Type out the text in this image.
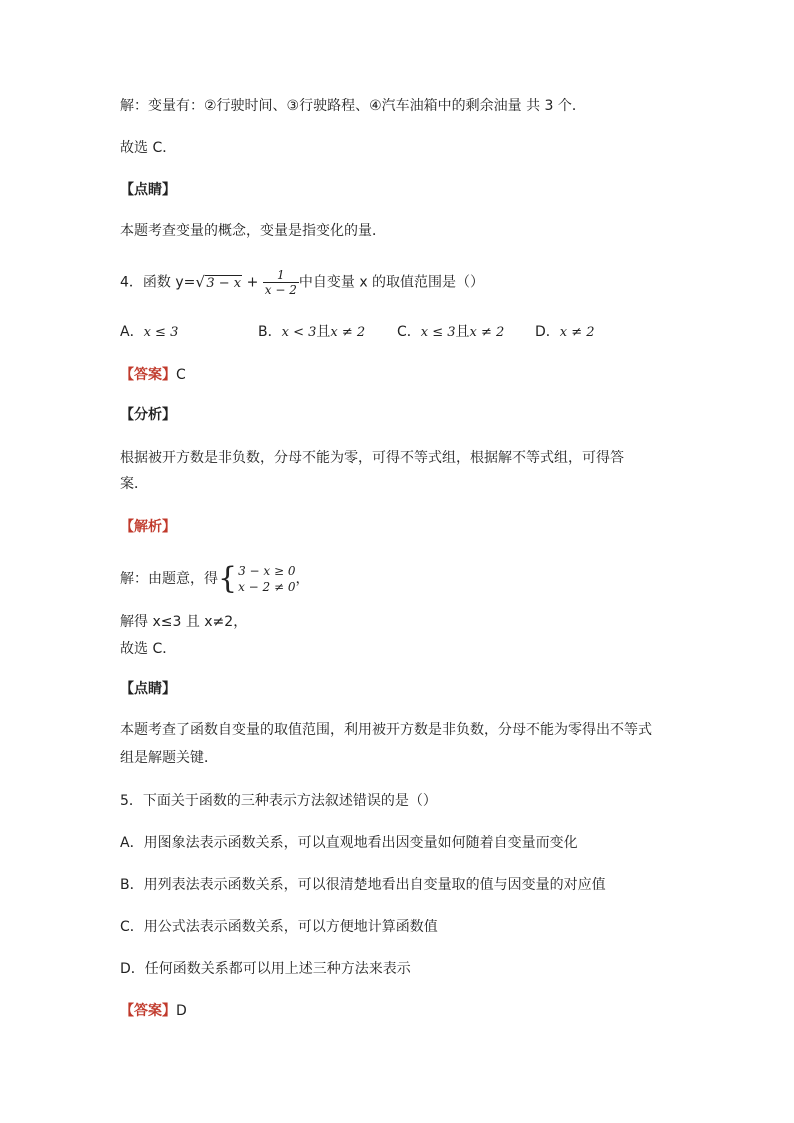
解：变量有：②行驶时间、③行驶路程、④汽车油箱中的剩余油量 共 3 个．
故选 C．
【点睛】
本题考查变量的概念，变量是指变化的量．
4．函数 y= √ $3 - x + \frac{1}{x - 2}$ 中自变量 x 的取值范围是（）
A．x ≤ 3	B．x < 3且x ≠ 2 C．x ≤ 3且x ≠ 2 D．x ≠ 2
【答案】C
【分析】
根据被开方数是非负数，分母不能为零，可得不等式组，根据解不等式组，可得答
案．
【解析】
解：由题意，得{ 3 − x ≥ 0
x − 2 ≠ 0 ，
解得 x≤3 且 x≠2，
故选 C．
【点睛】
本题考查了函数自变量的取值范围，利用被开方数是非负数，分母不能为零得出不等式
组是解题关键．
5．下面关于函数的三种表示方法叙述错误的是（）
A．用图象法表示函数关系，可以直观地看出因变量如何随着自变量而变化
B．用列表法表示函数关系，可以很清楚地看出自变量取的值与因变量的对应值
C．用公式法表示函数关系，可以方便地计算函数值
D．任何函数关系都可以用上述三种方法来表示
【答案】D
